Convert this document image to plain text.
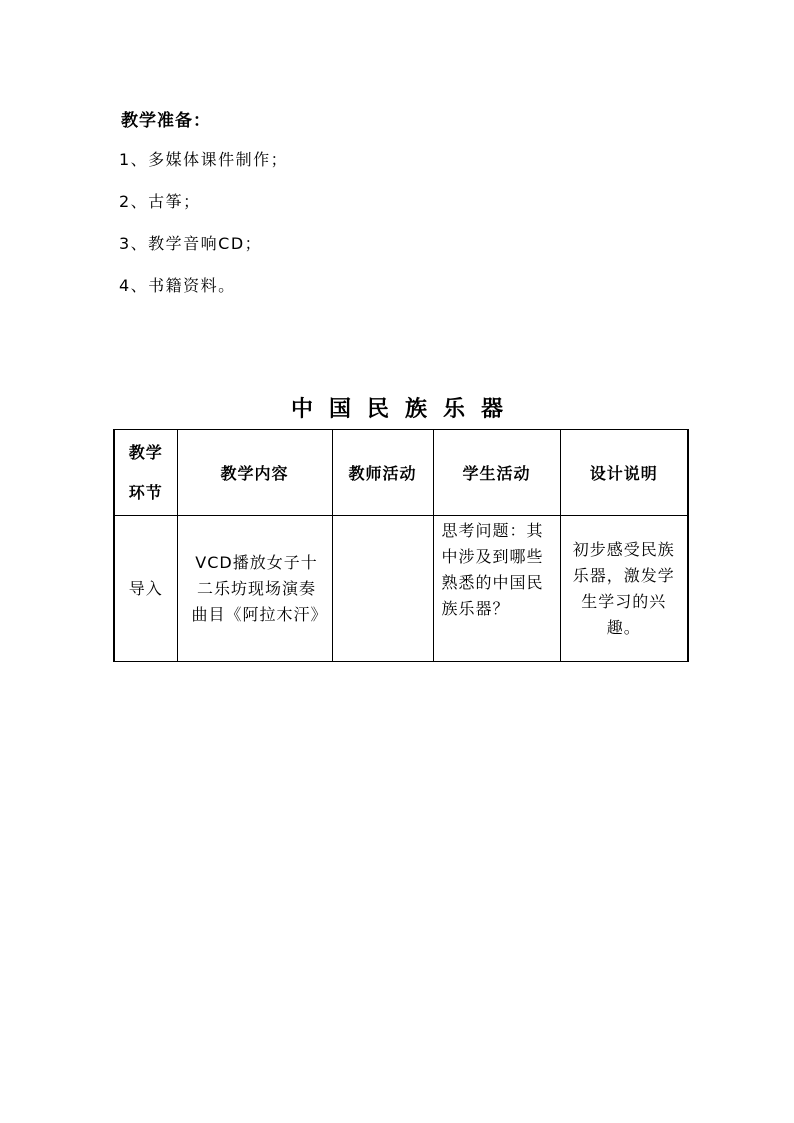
教学准备：
1、多媒体课件制作；
2、古筝；
3、教学音响CD；
4、书籍资料。
中国民族乐器
教学
环节	教学内容	教师活动	学生活动	设计说明

导入	VCD播放女子十二乐坊现场演奏曲目《阿拉木汗》		思考问题：其中涉及到哪些熟悉的中国民族乐器？	初步感受民族乐器，激发学生学习的兴趣。
